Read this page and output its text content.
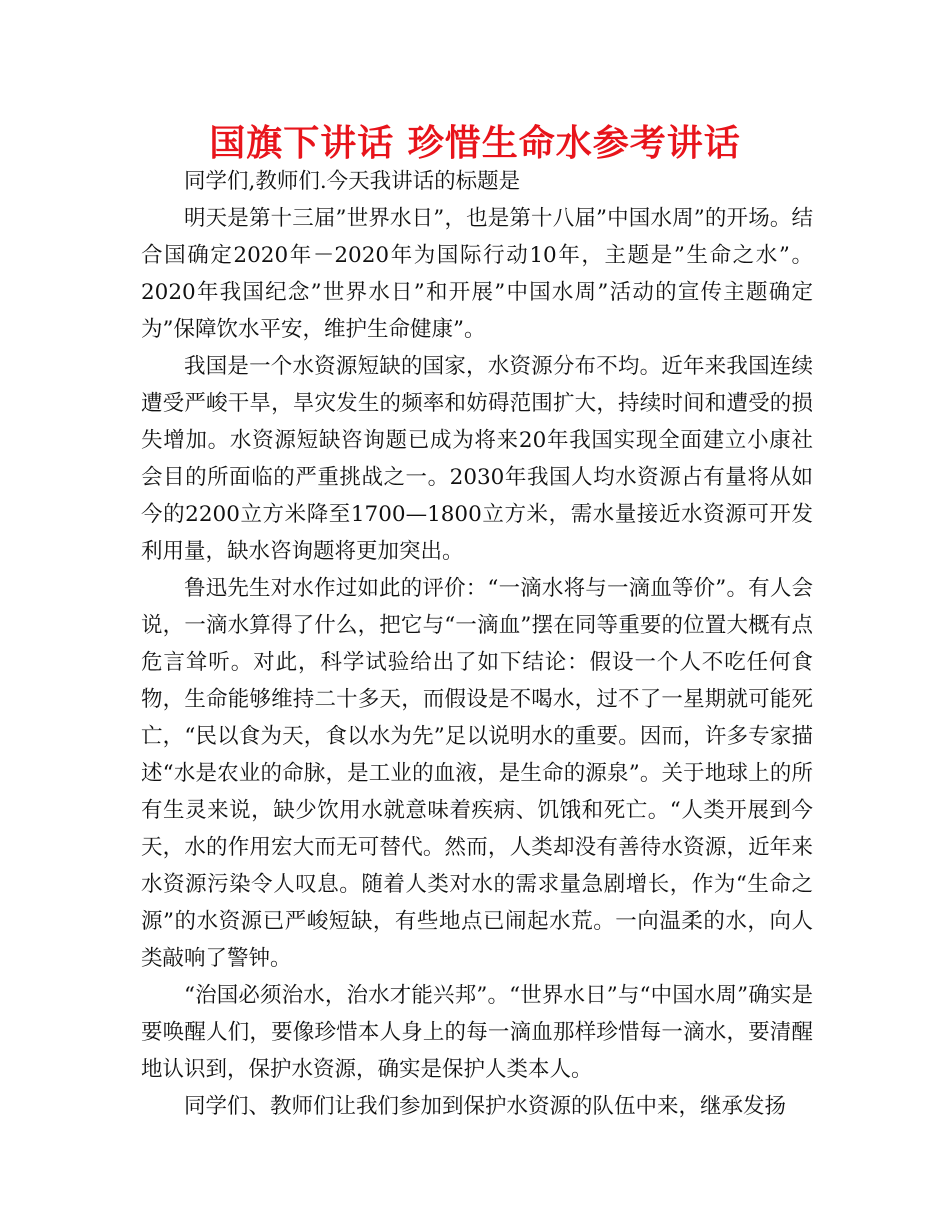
国旗下讲话 珍惜生命水参考讲话

同学们,教师们.今天我讲话的标题是

明天是第十三届”世界水日”，也是第十八届”中国水周”的开场。结合国确定2020年－2020年为国际行动10年，主题是”生命之水”。2020年我国纪念”世界水日”和开展”中国水周”活动的宣传主题确定为”保障饮水平安，维护生命健康”。

我国是一个水资源短缺的国家，水资源分布不均。近年来我国连续遭受严峻干旱，旱灾发生的频率和妨碍范围扩大，持续时间和遭受的损失增加。水资源短缺咨询题已成为将来20年我国实现全面建立小康社会目的所面临的严重挑战之一。2030年我国人均水资源占有量将从如今的2200立方米降至1700—1800立方米，需水量接近水资源可开发利用量，缺水咨询题将更加突出。

鲁迅先生对水作过如此的评价：“一滴水将与一滴血等价”。有人会说，一滴水算得了什么，把它与“一滴血”摆在同等重要的位置大概有点危言耸听。对此，科学试验给出了如下结论：假设一个人不吃任何食物，生命能够维持二十多天，而假设是不喝水，过不了一星期就可能死亡，“民以食为天，食以水为先”足以说明水的重要。因而，许多专家描述“水是农业的命脉，是工业的血液，是生命的源泉”。关于地球上的所有生灵来说，缺少饮用水就意味着疾病、饥饿和死亡。“人类开展到今天，水的作用宏大而无可替代。然而，人类却没有善待水资源，近年来水资源污染令人叹息。随着人类对水的需求量急剧增长，作为“生命之源”的水资源已严峻短缺，有些地点已闹起水荒。一向温柔的水，向人类敲响了警钟。

“治国必须治水，治水才能兴邦”。“世界水日”与“中国水周”确实是要唤醒人们，要像珍惜本人身上的每一滴血那样珍惜每一滴水，要清醒地认识到，保护水资源，确实是保护人类本人。

同学们、教师们让我们参加到保护水资源的队伍中来，继承发扬
